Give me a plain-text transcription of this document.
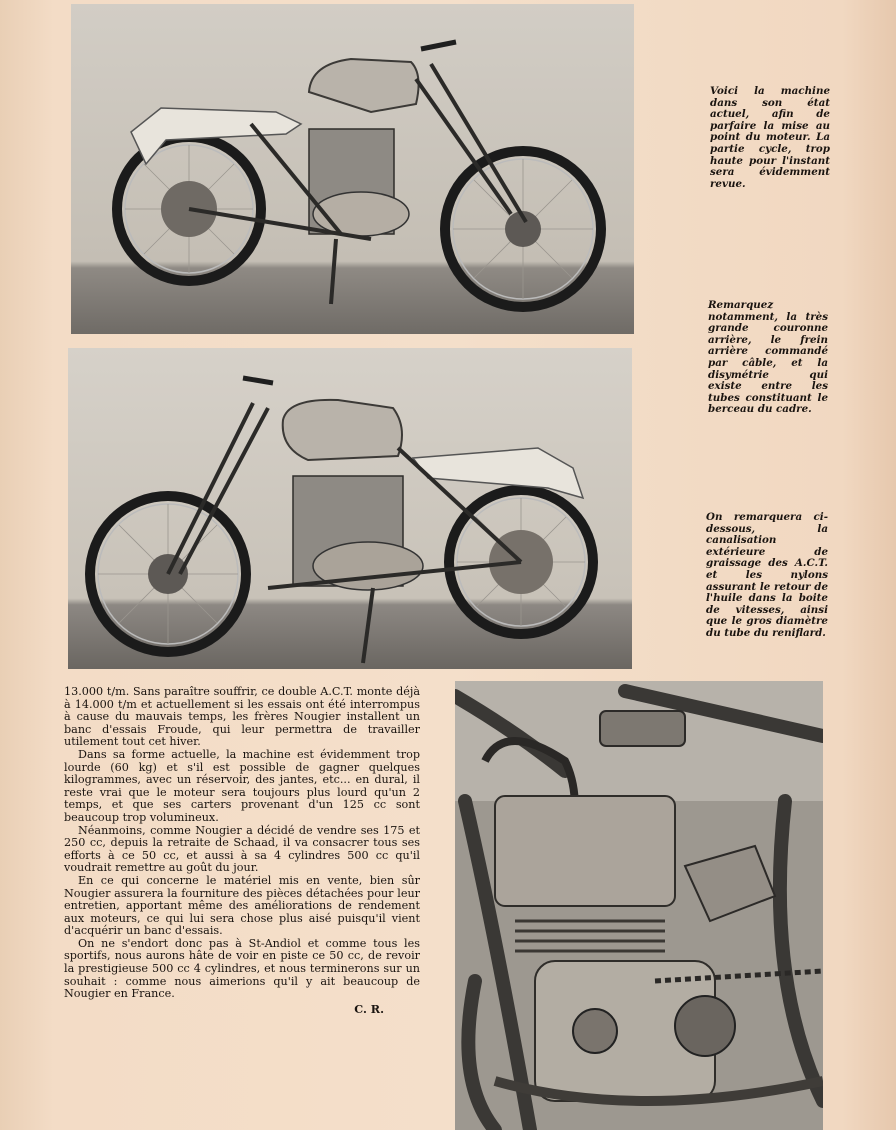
Voici la machine dans son état actuel, afin de parfaire la mise au point du moteur. La partie cycle, trop haute pour l'instant sera évidemment revue.

Remarquez notamment, la très grande couronne arrière, le frein arrière commandé par câble, et la disymétrie qui existe entre les tubes constituant le berceau du cadre.

On remarquera ci-dessous, la canalisation extérieure de graissage des A.C.T. et les nylons assurant le retour de l'huile dans la boite de vitesses, ainsi que le gros diamètre du tube du reniflard.

13.000 t/m. Sans paraître souffrir, ce double A.C.T. monte déjà à 14.000 t/m et actuellement si les essais ont été interrompus à cause du mauvais temps, les frères Nougier installent un banc d'essais Froude, qui leur permettra de travailler utilement tout cet hiver.

Dans sa forme actuelle, la machine est évidemment trop lourde (60 kg) et s'il est possible de gagner quelques kilogrammes, avec un réservoir, des jantes, etc... en dural, il reste vrai que le moteur sera toujours plus lourd qu'un 2 temps, et que ses carters provenant d'un 125 cc sont beaucoup trop volumineux.

Néanmoins, comme Nougier a décidé de vendre ses 175 et 250 cc, depuis la retraite de Schaad, il va consacrer tous ses efforts à ce 50 cc, et aussi à sa 4 cylindres 500 cc qu'il voudrait remettre au goût du jour.

En ce qui concerne le matériel mis en vente, bien sûr Nougier assurera la fourniture des pièces détachées pour leur entretien, apportant même des améliorations de rendement aux moteurs, ce qui lui sera chose plus aisé puisqu'il vient d'acquérir un banc d'essais.

On ne s'endort donc pas à St-Andiol et comme tous les sportifs, nous aurons hâte de voir en piste ce 50 cc, de revoir la prestigieuse 500 cc 4 cylindres, et nous terminerons sur un souhait : comme nous aimerions qu'il y ait beaucoup de Nougier en France.

C. R.
